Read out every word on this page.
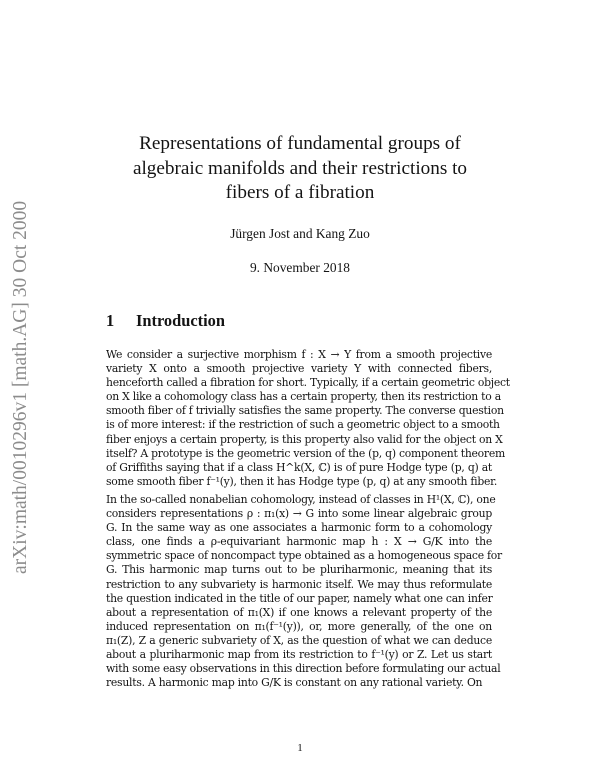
arXiv:math/0010296v1 [math.AG] 30 Oct 2000
Representations of fundamental groups of
algebraic manifolds and their restrictions to
fibers of a fibration
Jürgen Jost and Kang Zuo
9. November 2018
1 Introduction
We consider a surjective morphism f : X → Y from a smooth projective
variety X onto a smooth projective variety Y with connected fibers,
henceforth called a fibration for short. Typically, if a certain geometric object
on X like a cohomology class has a certain property, then its restriction to a
smooth fiber of f trivially satisfies the same property. The converse question
is of more interest: if the restriction of such a geometric object to a smooth
fiber enjoys a certain property, is this property also valid for the object on X
itself? A prototype is the geometric version of the (p, q) component theorem
of Griffiths saying that if a class H^k(X, ℂ) is of pure Hodge type (p, q) at
some smooth fiber f⁻¹(y), then it has Hodge type (p, q) at any smooth fiber.
In the so-called nonabelian cohomology, instead of classes in H¹(X, ℂ), one
considers representations ρ : π₁(x) → G into some linear algebraic group
G. In the same way as one associates a harmonic form to a cohomology
class, one finds a ρ-equivariant harmonic map h : X → G/K into the
symmetric space of noncompact type obtained as a homogeneous space for
G. This harmonic map turns out to be pluriharmonic, meaning that its
restriction to any subvariety is harmonic itself. We may thus reformulate
the question indicated in the title of our paper, namely what one can infer
about a representation of π₁(X) if one knows a relevant property of the
induced representation on π₁(f⁻¹(y)), or, more generally, of the one on
π₁(Z), Z a generic subvariety of X, as the question of what we can deduce
about a pluriharmonic map from its restriction to f⁻¹(y) or Z. Let us start
with some easy observations in this direction before formulating our actual
results. A harmonic map into G/K is constant on any rational variety. On
1
